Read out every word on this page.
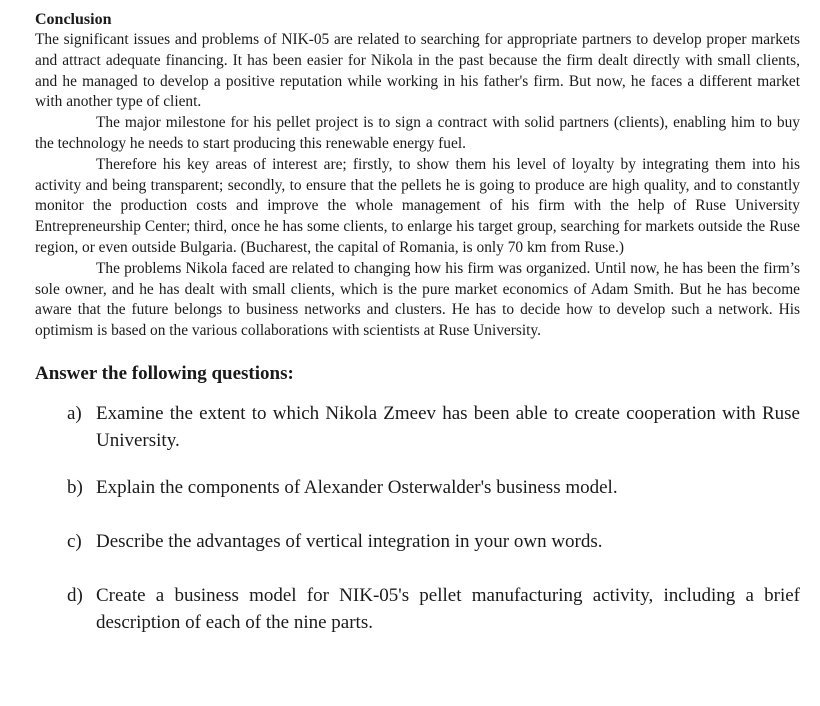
Conclusion

The significant issues and problems of NIK-05 are related to searching for appropriate partners to develop proper markets and attract adequate financing. It has been easier for Nikola in the past because the firm dealt directly with small clients, and he managed to develop a positive reputation while working in his father's firm. But now, he faces a different market with another type of client.

The major milestone for his pellet project is to sign a contract with solid partners (clients), enabling him to buy the technology he needs to start producing this renewable energy fuel.

Therefore his key areas of interest are; firstly, to show them his level of loyalty by integrating them into his activity and being transparent; secondly, to ensure that the pellets he is going to produce are high quality, and to constantly monitor the production costs and improve the whole management of his firm with the help of Ruse University Entrepreneurship Center; third, once he has some clients, to enlarge his target group, searching for markets outside the Ruse region, or even outside Bulgaria. (Bucharest, the capital of Romania, is only 70 km from Ruse.)

The problems Nikola faced are related to changing how his firm was organized. Until now, he has been the firm’s sole owner, and he has dealt with small clients, which is the pure market economics of Adam Smith. But he has become aware that the future belongs to business networks and clusters. He has to decide how to develop such a network. His optimism is based on the various collaborations with scientists at Ruse University.

Answer the following questions:
a) Examine the extent to which Nikola Zmeev has been able to create cooperation with Ruse University.
b) Explain the components of Alexander Osterwalder's business model.
c) Describe the advantages of vertical integration in your own words.
d) Create a business model for NIK-05's pellet manufacturing activity, including a brief description of each of the nine parts.
